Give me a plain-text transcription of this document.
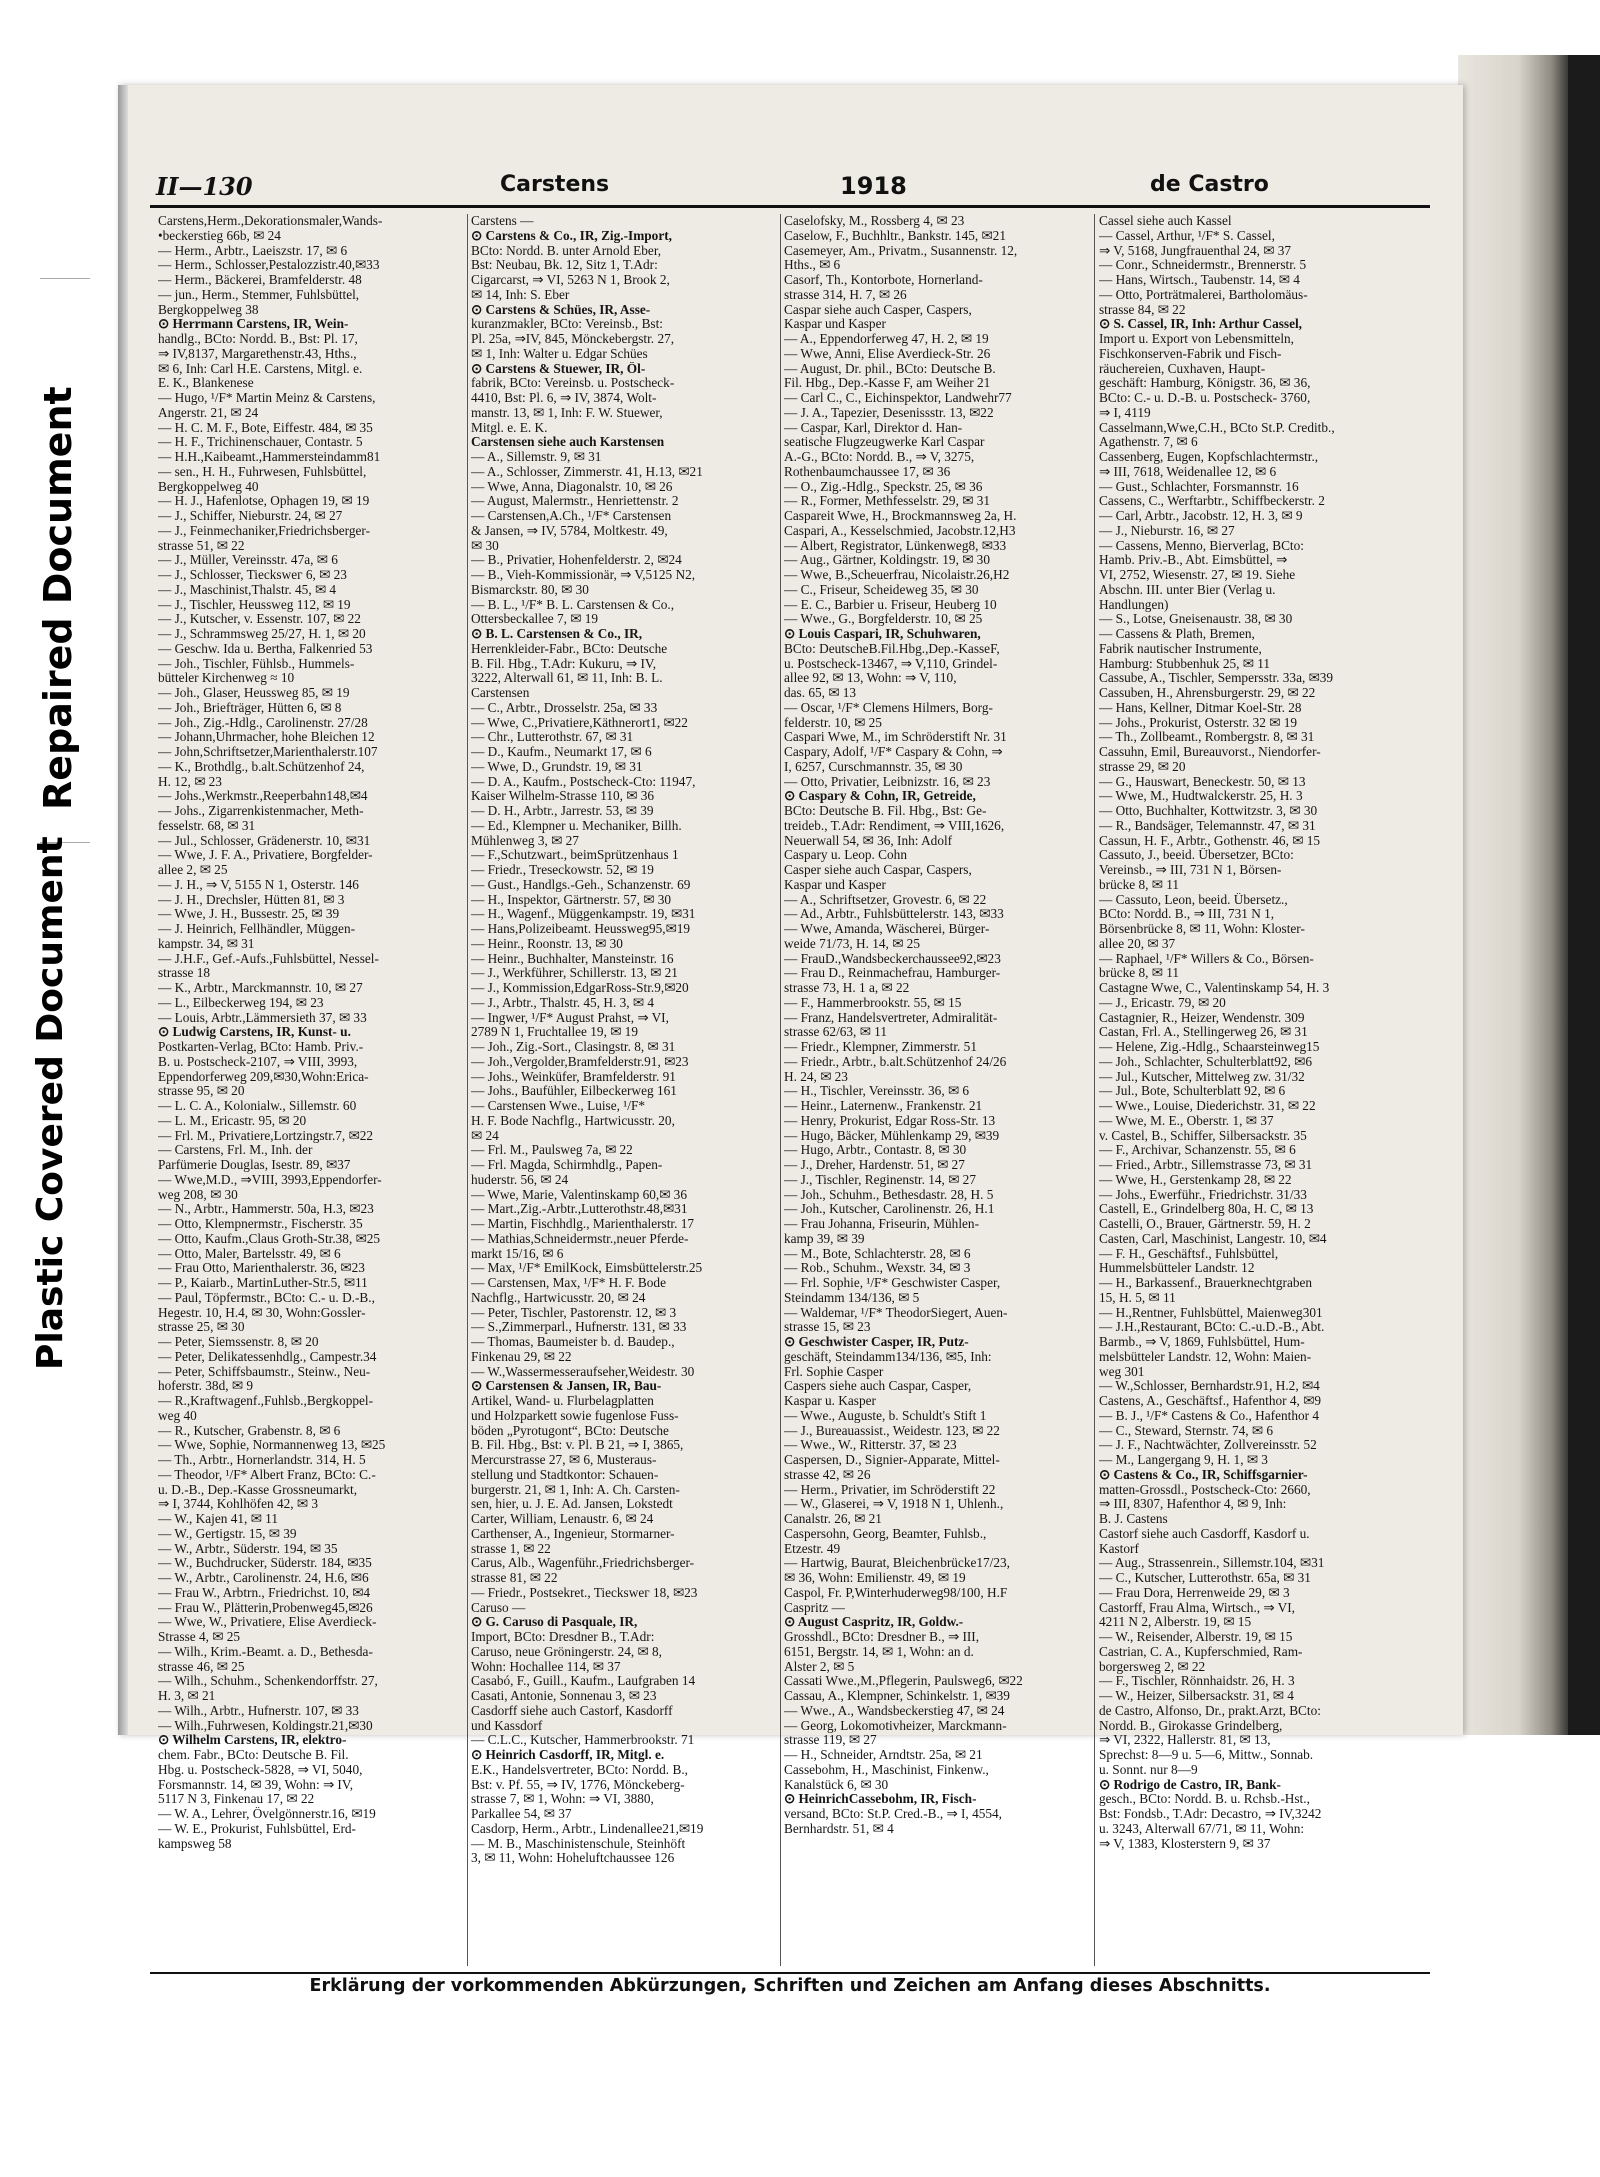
Repaired Document
Plastic Covered Document
II—130	Carstens	1918	de Castro
Carstens,Herm.,Dekorationsmaler,Wands-
•beckerstieg 66b, ✉ 24
— Herm., Arbtr., Laeiszstr. 17, ✉ 6
— Herm., Schlosser,Pestalozzistr.40,✉33
— Herm., Bäckerei, Bramfelderstr. 48
— jun., Herm., Stemmer, Fuhlsbüttel,
Bergkoppelweg 38
⊙ Herrmann Carstens, IR, Wein-
handlg., BCto: Nordd. B., Bst: Pl. 17,
⇒ IV,8137, Margarethenstr.43, Hths.,
✉ 6, Inh: Carl H.E. Carstens, Mitgl. e.
E. K., Blankenese
— Hugo, ¹/F* Martin Meinz & Carstens,
Angerstr. 21, ✉ 24
— H. C. M. F., Bote, Eiffestr. 484, ✉ 35
— H. F., Trichinenschauer, Contastr. 5
— H.H.,Kaibeamt.,Hammersteindamm81
— sen., H. H., Fuhrwesen, Fuhlsbüttel,
Bergkoppelweg 40
— H. J., Hafenlotse, Ophagen 19, ✉ 19
— J., Schiffer, Nieburstr. 24, ✉ 27
— J., Feinmechaniker,Friedrichsberger-
strasse 51, ✉ 22
— J., Müller, Vereinsstr. 47a, ✉ 6
— J., Schlosser, Tieckswег 6, ✉ 23
— J., Maschinist,Thalstr. 45, ✉ 4
— J., Tischler, Heussweg 112, ✉ 19
— J., Kutscher, v. Essenstr. 107, ✉ 22
— J., Schrammsweg 25/27, H. 1, ✉ 20
— Geschw. Ida u. Bertha, Falkenried 53
— Joh., Tischler, Fühlsb., Hummels-
bütteler Kirchenweg ≈ 10
— Joh., Glaser, Heussweg 85, ✉ 19
— Joh., Briefträger, Hütten 6, ✉ 8
— Joh., Zig.-Hdlg., Carolinenstr. 27/28
— Johann,Uhrmacher, hohe Bleichen 12
— John,Schriftsetzer,Marienthalerstr.107
— K., Brothdlg., b.alt.Schützenhof 24,
H. 12, ✉ 23
— Johs.,Werkmstr.,Reeperbahn148,✉4
— Johs., Zigarrenkistenmacher, Meth-
fesselstr. 68, ✉ 31
— Jul., Schlosser, Grädenerstr. 10, ✉31
— Wwe, J. F. A., Privatiere, Borgfelder-
allee 2, ✉ 25
— J. H., ⇒ V, 5155 N 1, Osterstr. 146
— J. H., Drechsler, Hütten 81, ✉ 3
— Wwe, J. H., Bussestr. 25, ✉ 39
— J. Heinrich, Fellhändler, Müggen-
kampstr. 34, ✉ 31
— J.H.F., Gef.-Aufs.,Fuhlsbüttel, Nessel-
strasse 18
— K., Arbtr., Marckmannstr. 10, ✉ 27
— L., Eilbeckerweg 194, ✉ 23
— Louis, Arbtr.,Lämmersieth 37, ✉ 33
⊙ Ludwig Carstens, IR, Kunst- u.
Postkarten-Verlag, BCto: Hamb. Priv.-
B. u. Postscheck-2107, ⇒ VIII, 3993,
Eppendorferweg 209,✉30,Wohn:Erica-
strasse 95, ✉ 20
— L. C. A., Kolonialw., Sillemstr. 60
— L. M., Ericastr. 95, ✉ 20
— Frl. M., Privatiere,Lortzingstr.7, ✉22
— Carstens, Frl. M., Inh. der
Parfümerie Douglas, Isestr. 89, ✉37
— Wwe,M.D., ⇒VIII, 3993,Eppendorfer-
weg 208, ✉ 30
— N., Arbtr., Hammerstr. 50a, H.3, ✉23
— Otto, Klempnermstr., Fischerstr. 35
— Otto, Kaufm.,Claus Groth-Str.38, ✉25
— Otto, Maler, Bartelsstr. 49, ✉ 6
— Frau Otto, Marienthalerstr. 36, ✉23
— P., Kaiarb., MartinLuther-Str.5, ✉11
— Paul, Töpfermstr., BCto: C.- u. D.-B.,
Hegestr. 10, H.4, ✉ 30, Wohn:Gossler-
strasse 25, ✉ 30
— Peter, Siemssenstr. 8, ✉ 20
— Peter, Delikatessenhdlg., Campestr.34
— Peter, Schiffsbaumstr., Steinw., Neu-
hoferstr. 38d, ✉ 9
— R.,Kraftwagenf.,Fuhlsb.,Bergkoppel-
weg 40
— R., Kutscher, Grabenstr. 8, ✉ 6
— Wwe, Sophie, Normannenweg 13, ✉25
— Th., Arbtr., Hornerlandstr. 314, H. 5
— Theodor, ¹/F* Albert Franz, BCto: C.-
u. D.-B., Dep.-Kasse Grossneumarkt,
⇒ I, 3744, Kohlhöfen 42, ✉ 3
— W., Kajen 41, ✉ 11
— W., Gertigstr. 15, ✉ 39
— W., Arbtr., Süderstr. 194, ✉ 35
— W., Buchdrucker, Süderstr. 184, ✉35
— W., Arbtr., Carolinenstr. 24, H.6, ✉6
— Frau W., Arbtrn., Friedrichst. 10, ✉4
— Frau W., Plätterin,Probenweg45,✉26
— Wwe, W., Privatiere, Elise Averdieck-
Strasse 4, ✉ 25
— Wilh., Krim.-Beamt. a. D., Bethesda-
strasse 46, ✉ 25
— Wilh., Schuhm., Schenkendorffstr. 27,
H. 3, ✉ 21
— Wilh., Arbtr., Hufnerstr. 107, ✉ 33
— Wilh.,Fuhrwesen, Koldingstr.21,✉30
⊙ Wilhelm Carstens, IR, elektro-
chem. Fabr., BCto: Deutsche B. Fil.
Hbg. u. Postscheck-5828, ⇒ VI, 5040,
Forsmannstr. 14, ✉ 39, Wohn: ⇒ IV,
5117 N 3, Finkenau 17, ✉ 22
— W. A., Lehrer, Övelgönnerstr.16, ✉19
— W. E., Prokurist, Fuhlsbüttel, Erd-
kampsweg 58
Carstens —
⊙ Carstens & Co., IR, Zig.-Import,
BCto: Nordd. B. unter Arnold Eber,
Bst: Neubau, Bk. 12, Sitz 1, T.Adr:
Cigarcarst, ⇒ VI, 5263 N 1, Brook 2,
✉ 14, Inh: S. Eber
⊙ Carstens & Schües, IR, Asse-
kuranzmakler, BCto: Vereinsb., Bst:
Pl. 25a, ⇒IV, 845, Mönckebergstr. 27,
✉ 1, Inh: Walter u. Edgar Schües
⊙ Carstens & Stuewer, IR, Öl-
fabrik, BCto: Vereinsb. u. Postscheck-
4410, Bst: Pl. 6, ⇒ IV, 3874, Wolt-
manstr. 13, ✉ 1, Inh: F. W. Stuewer,
Mitgl. e. E. K.
Carstensen siehe auch Karstensen
— A., Sillemstr. 9, ✉ 31
— A., Schlosser, Zimmerstr. 41, H.13, ✉21
— Wwe, Anna, Diagonalstr. 10, ✉ 26
— August, Malermstr., Henriettenstr. 2
— Carstensen,A.Ch., ¹/F* Carstensen
& Jansen, ⇒ IV, 5784, Moltkestr. 49,
✉ 30
— B., Privatier, Hohenfelderstr. 2, ✉24
— B., Vieh-Kommissionär, ⇒ V,5125 N2,
Bismarckstr. 80, ✉ 30
— B. L., ¹/F* B. L. Carstensen & Co.,
Ottersbeckallee 7, ✉ 19
⊙ B. L. Carstensen & Co., IR,
Herrenkleider-Fabr., BCto: Deutsche
B. Fil. Hbg., T.Adr: Kukuru, ⇒ IV,
3222, Alterwall 61, ✉ 11, Inh: B. L.
Carstensen
— C., Arbtr., Drosselstr. 25a, ✉ 33
— Wwe, C.,Privatiere,Käthnerort1, ✉22
— Chr., Lutterothstr. 67, ✉ 31
— D., Kaufm., Neumarkt 17, ✉ 6
— Wwe, D., Grundstr. 19, ✉ 31
— D. A., Kaufm., Postscheck-Cto: 11947,
Kaiser Wilhelm-Strasse 110, ✉ 36
— D. H., Arbtr., Jarrestr. 53, ✉ 39
— Ed., Klempner u. Mechaniker, Billh.
Mühlenweg 3, ✉ 27
— F.,Schutzwart., beimSprützenhaus 1
— Friedr., Treseckowstr. 52, ✉ 19
— Gust., Handlgs.-Geh., Schanzenstr. 69
— H., Inspektor, Gärtnerstr. 57, ✉ 30
— H., Wagenf., Müggenkampstr. 19, ✉31
— Hans,Polizeibeamt. Heussweg95,✉19
— Heinr., Roonstr. 13, ✉ 30
— Heinr., Buchhalter, Mansteinstr. 16
— J., Werkführer, Schillerstr. 13, ✉ 21
— J., Kommission,EdgarRoss-Str.9,✉20
— J., Arbtr., Thalstr. 45, H. 3, ✉ 4
— Ingwer, ¹/F* August Prahst, ⇒ VI,
2789 N 1, Fruchtallee 19, ✉ 19
— Joh., Zig.-Sort., Clasingstr. 8, ✉ 31
— Joh.,Vergolder,Bramfelderstr.91, ✉23
— Johs., Weinküfer, Bramfelderstr. 91
— Johs., Baufühler, Eilbeckerweg 161
— Carstensen Wwe., Luise, ¹/F*
H. F. Bode Nachflg., Hartwicusstr. 20,
✉ 24
— Frl. M., Paulsweg 7a, ✉ 22
— Frl. Magda, Schirmhdlg., Papen-
huderstr. 56, ✉ 24
— Wwe, Marie, Valentinskamp 60,✉ 36
— Mart.,Zig.-Arbtr.,Lutterothstr.48,✉31
— Martin, Fischhdlg., Marienthalerstr. 17
— Mathias,Schneidermstr.,neuer Pferde-
markt 15/16, ✉ 6
— Max, ¹/F* EmilKock, Eimsbüttelerstr.25
— Carstensen, Max, ¹/F* H. F. Bode
Nachflg., Hartwicusstr. 20, ✉ 24
— Peter, Tischler, Pastorenstr. 12, ✉ 3
— S.,Zimmerparl., Hufnerstr. 131, ✉ 33
— Thomas, Baumeister b. d. Baudep.,
Finkenau 29, ✉ 22
— W.,Wassermesseraufseher,Weidestr. 30
⊙ Carstensen & Jansen, IR, Bau-
Artikel, Wand- u. Flurbelagplatten
und Holzparkett sowie fugenlose Fuss-
böden „Pyrotugont“, BCto: Deutsche
B. Fil. Hbg., Bst: v. Pl. B 21, ⇒ I, 3865,
Mercurstrasse 27, ✉ 6, Musteraus-
stellung und Stadtkontor: Schauen-
burgerstr. 21, ✉ 1, Inh: A. Ch. Carsten-
sen, hier, u. J. E. Ad. Jansen, Lokstedt
Carter, William, Lenaustr. 6, ✉ 24
Carthenser, A., Ingenieur, Stormarner-
strasse 1, ✉ 22
Carus, Alb., Wagenführ.,Friedrichsberger-
strasse 81, ✉ 22
— Friedr., Postsekret., Tieckswег 18, ✉23
Caruso —
⊙ G. Caruso di Pasquale, IR,
Import, BCto: Dresdner B., T.Adr:
Caruso, neue Gröningerstr. 24, ✉ 8,
Wohn: Hochallee 114, ✉ 37
Casabó, F., Guill., Kaufm., Laufgraben 14
Casati, Antonie, Sonnenau 3, ✉ 23
Casdorff siehe auch Castorf, Kasdorff
und Kassdorf
— C.L.C., Kutscher, Hammerbrookstr. 71
⊙ Heinrich Casdorff, IR, Mitgl. e.
E.K., Handelsvertreter, BCto: Nordd. B.,
Bst: v. Pf. 55, ⇒ IV, 1776, Mönckeberg-
strasse 7, ✉ 1, Wohn: ⇒ VI, 3880,
Parkallee 54, ✉ 37
Casdorp, Herm., Arbtr., Lindenallee21,✉19
— M. B., Maschinistenschule, Steinhöft
3, ✉ 11, Wohn: Hoheluftchaussee 126
Caselofsky, M., Rossberg 4, ✉ 23
Caselow, F., Buchhltr., Bankstr. 145, ✉21
Casemeyer, Am., Privatm., Susannenstr. 12,
Hths., ✉ 6
Casorf, Th., Kontorbote, Hornerland-
strasse 314, H. 7, ✉ 26
Caspar siehe auch Casper, Caspers,
Kaspar und Kasper
— A., Eppendorferweg 47, H. 2, ✉ 19
— Wwe, Anni, Elise Averdieck-Str. 26
— August, Dr. phil., BCto: Deutsche B.
Fil. Hbg., Dep.-Kasse F, am Weiher 21
— Carl C., C., Eichinspektor, Landwehr77
— J. A., Tapezier, Desenissstr. 13, ✉22
— Caspar, Karl, Direktor d. Han-
seatische Flugzeugwerke Karl Caspar
A.-G., BCto: Nordd. B., ⇒ V, 3275,
Rothenbaumchaussee 17, ✉ 36
— O., Zig.-Hdlg., Speckstr. 25, ✉ 36
— R., Former, Methfesselstr. 29, ✉ 31
Caspareit Wwe, H., Brockmannsweg 2a, H.
Caspari, A., Kesselschmied, Jacobstr.12,H3
— Albert, Registrator, Lünkenweg8, ✉33
— Aug., Gärtner, Koldingstr. 19, ✉ 30
— Wwe, B.,Scheuerfrau, Nicolaistr.26,H2
— C., Friseur, Scheideweg 35, ✉ 30
— E. C., Barbier u. Friseur, Heuberg 10
— Wwe., G., Borgfelderstr. 10, ✉ 25
⊙ Louis Caspari, IR, Schuhwaren,
BCto: DeutscheB.Fil.Hbg.,Dep.-KasseF,
u. Postscheck-13467, ⇒ V,110, Grindel-
allee 92, ✉ 13, Wohn: ⇒ V, 110,
das. 65, ✉ 13
— Oscar, ¹/F* Clemens Hilmers, Borg-
felderstr. 10, ✉ 25
Caspari Wwe, M., im Schröderstift Nr. 31
Caspary, Adolf, ¹/F* Caspary & Cohn, ⇒
I, 6257, Curschmannstr. 35, ✉ 30
— Otto, Privatier, Leibnizstr. 16, ✉ 23
⊙ Caspary & Cohn, IR, Getreide,
BCto: Deutsche B. Fil. Hbg., Bst: Ge-
treideb., T.Adr: Rendiment, ⇒ VIII,1626,
Neuerwall 54, ✉ 36, Inh: Adolf
Caspary u. Leop. Cohn
Casper siehe auch Caspar, Caspers,
Kaspar und Kasper
— A., Schriftsetzer, Grovestr. 6, ✉ 22
— Ad., Arbtr., Fuhlsbüttelerstr. 143, ✉33
— Wwe, Amanda, Wäscherei, Bürger-
weide 71/73, H. 14, ✉ 25
— FrauD.,Wandsbeckerchaussee92,✉23
— Frau D., Reinmachefrau, Hamburger-
strasse 73, H. 1 a, ✉ 22
— F., Hammerbrookstr. 55, ✉ 15
— Franz, Handelsvertreter, Admiralität-
strasse 62/63, ✉ 11
— Friedr., Klempner, Zimmerstr. 51
— Friedr., Arbtr., b.alt.Schützenhof 24/26
H. 24, ✉ 23
— H., Tischler, Vereinsstr. 36, ✉ 6
— Heinr., Laternenw., Frankenstr. 21
— Henry, Prokurist, Edgar Ross-Str. 13
— Hugo, Bäcker, Mühlenkamp 29, ✉39
— Hugo, Arbtr., Contastr. 8, ✉ 30
— J., Dreher, Hardenstr. 51, ✉ 27
— J., Tischler, Reginenstr. 14, ✉ 27
— Joh., Schuhm., Bethesdastr. 28, H. 5
— Joh., Kutscher, Carolinenstr. 26, H.1
— Frau Johanna, Friseurin, Mühlen-
kamp 39, ✉ 39
— M., Bote, Schlachterstr. 28, ✉ 6
— Rob., Schuhm., Wexstr. 34, ✉ 3
— Frl. Sophie, ¹/F* Geschwister Casper,
Steindamm 134/136, ✉ 5
— Waldemar, ¹/F* TheodorSiegert, Auen-
strasse 15, ✉ 23
⊙ Geschwister Casper, IR, Putz-
geschäft, Steindamm134/136, ✉5, Inh:
Frl. Sophie Casper
Caspers siehe auch Caspar, Casper,
Kaspar u. Kasper
— Wwe., Auguste, b. Schuldt's Stift 1
— J., Bureauassist., Weidestr. 123, ✉ 22
— Wwe., W., Ritterstr. 37, ✉ 23
Caspersen, D., Signier-Apparate, Mittel-
strasse 42, ✉ 26
— Herm., Privatier, im Schröderstift 22
— W., Glaserei, ⇒ V, 1918 N 1, Uhlenh.,
Canalstr. 26, ✉ 21
Caspersohn, Georg, Beamter, Fuhlsb.,
Etzestr. 49
— Hartwig, Baurat, Bleichenbrücke17/23,
✉ 36, Wohn: Emilienstr. 49, ✉ 19
Caspol, Fr. P,Winterhuderweg98/100, H.F
Caspritz —
⊙ August Caspritz, IR, Goldw.-
Grosshdl., BCto: Dresdner B., ⇒ III,
6151, Bergstr. 14, ✉ 1, Wohn: an d.
Alster 2, ✉ 5
Cassati Wwe.,M.,Pflegerin, Paulsweg6, ✉22
Cassau, A., Klempner, Schinkelstr. 1, ✉39
— Wwe., A., Wandsbeckerstieg 47, ✉ 24
— Georg, Lokomotivheizer, Marckmann-
strasse 119, ✉ 27
— H., Schneider, Arndtstr. 25a, ✉ 21
Cassebohm, H., Maschinist, Finkenw.,
Kanalstück 6, ✉ 30
⊙ HeinrichCassebohm, IR, Fisch-
versand, BCto: St.P. Cred.-B., ⇒ I, 4554,
Bernhardstr. 51, ✉ 4
Cassel siehe auch Kassel
— Cassel, Arthur, ¹/F* S. Cassel,
⇒ V, 5168, Jungfrauenthal 24, ✉ 37
— Conr., Schneidermstr., Brennerstr. 5
— Hans, Wirtsch., Taubenstr. 14, ✉ 4
— Otto, Porträtmalerei, Bartholomäus-
strasse 84, ✉ 22
⊙ S. Cassel, IR, Inh: Arthur Cassel,
Import u. Export von Lebensmitteln,
Fischkonserven-Fabrik und Fisch-
räuchereien, Cuxhaven, Haupt-
geschäft: Hamburg, Königstr. 36, ✉ 36,
BCto: C.- u. D.-B. u. Postscheck- 3760,
⇒ I, 4119
Casselmann,Wwe,C.H., BCto St.P. Creditb.,
Agathenstr. 7, ✉ 6
Cassenberg, Eugen, Kopfschlachtermstr.,
⇒ III, 7618, Weidenallee 12, ✉ 6
— Gust., Schlachter, Forsmannstr. 16
Cassens, C., Werftarbtr., Schiffbeckerstr. 2
— Carl, Arbtr., Jacobstr. 12, H. 3, ✉ 9
— J., Nieburstr. 16, ✉ 27
— Cassens, Menno, Bierverlag, BCto:
Hamb. Priv.-B., Abt. Eimsbüttel, ⇒
VI, 2752, Wiesenstr. 27, ✉ 19. Siehe
Abschn. III. unter Bier (Verlag u.
Handlungen)
— S., Lotse, Gneisenaustr. 38, ✉ 30
— Cassens & Plath, Bremen,
Fabrik nautischer Instrumente,
Hamburg: Stubbenhuk 25, ✉ 11
Cassube, A., Tischler, Sempersstr. 33a, ✉39
Cassuben, H., Ahrensburgerstr. 29, ✉ 22
— Hans, Kellner, Ditmar Koel-Str. 28
— Johs., Prokurist, Osterstr. 32 ✉ 19
— Th., Zollbeamt., Rombergstr. 8, ✉ 31
Cassuhn, Emil, Bureauvorst., Niendorfer-
strasse 29, ✉ 20
— G., Hauswart, Beneckestr. 50, ✉ 13
— Wwe, M., Hudtwalckerstr. 25, H. 3
— Otto, Buchhalter, Kottwitzstr. 3, ✉ 30
— R., Bandsäger, Telemannstr. 47, ✉ 31
Cassun, H. F., Arbtr., Gothenstr. 46, ✉ 15
Cassuto, J., beeid. Übersetzer, BCto:
Vereinsb., ⇒ III, 731 N 1, Börsen-
brücke 8, ✉ 11
— Cassuto, Leon, beeid. Übersetz.,
BCto: Nordd. B., ⇒ III, 731 N 1,
Börsenbrücke 8, ✉ 11, Wohn: Kloster-
allee 20, ✉ 37
— Raphael, ¹/F* Willers & Co., Börsen-
brücke 8, ✉ 11
Castagne Wwe, C., Valentinskamp 54, H. 3
— J., Ericastr. 79, ✉ 20
Castagnier, R., Heizer, Wendenstr. 309
Castan, Frl. A., Stellingerweg 26, ✉ 31
— Helene, Zig.-Hdlg., Schaarsteinweg15
— Joh., Schlachter, Schulterblatt92, ✉6
— Jul., Kutscher, Mittelweg zw. 31/32
— Jul., Bote, Schulterblatt 92, ✉ 6
— Wwe., Louise, Diederichstr. 31, ✉ 22
— Wwe, M. E., Oberstr. 1, ✉ 37
v. Castel, B., Schiffer, Silbersackstr. 35
— F., Archivar, Schanzenstr. 55, ✉ 6
— Fried., Arbtr., Sillemstrasse 73, ✉ 31
— Wwe, H., Gerstenkamp 28, ✉ 22
— Johs., Ewerführ., Friedrichstr. 31/33
Castell, E., Grindelberg 80a, H. C, ✉ 13
Castelli, O., Brauer, Gärtnerstr. 59, H. 2
Casten, Carl, Maschinist, Langestr. 10, ✉4
— F. H., Geschäftsf., Fuhlsbüttel,
Hummelsbütteler Landstr. 12
— H., Barkassenf., Brauerknechtgraben
15, H. 5, ✉ 11
— H.,Rentner, Fuhlsbüttel, Maienweg301
— J.H.,Restaurant, BCto: C.-u.D.-B., Abt.
Barmb., ⇒ V, 1869, Fuhlsbüttel, Hum-
melsbütteler Landstr. 12, Wohn: Maien-
weg 301
— W.,Schlosser, Bernhardstr.91, H.2, ✉4
Castens, A., Geschäftsf., Hafenthor 4, ✉9
— B. J., ¹/F* Castens & Co., Hafenthor 4
— C., Steward, Sternstr. 74, ✉ 6
— J. F., Nachtwächter, Zollvereinsstr. 52
— M., Langergang 9, H. 1, ✉ 3
⊙ Castens & Co., IR, Schiffsgarnier-
matten-Grossdl., Postscheck-Cto: 2660,
⇒ III, 8307, Hafenthor 4, ✉ 9, Inh:
B. J. Castens
Castorf siehe auch Casdorff, Kasdorf u.
Kastorf
— Aug., Strassenrein., Sillemstr.104, ✉31
— C., Kutscher, Lutterothstr. 65a, ✉ 31
— Frau Dora, Herrenweide 29, ✉ 3
Castorff, Frau Alma, Wirtsch., ⇒ VI,
4211 N 2, Alberstr. 19, ✉ 15
— W., Reisender, Alberstr. 19, ✉ 15
Castrian, C. A., Kupferschmied, Ram-
borgersweg 2, ✉ 22
— F., Tischler, Rönnhaidstr. 26, H. 3
— W., Heizer, Silbersackstr. 31, ✉ 4
de Castro, Alfonso, Dr., prakt.Arzt, BCto:
Nordd. B., Girokasse Grindelberg,
⇒ VI, 2322, Hallerstr. 81, ✉ 13,
Sprechst: 8—9 u. 5—6, Mittw., Sonnab.
u. Sonnt. nur 8—9
⊙ Rodrigo de Castro, IR, Bank-
gesch., BCto: Nordd. B. u. Rchsb.-Hst.,
Bst: Fondsb., T.Adr: Decastro, ⇒ IV,3242
u. 3243, Alterwall 67/71, ✉ 11, Wohn:
⇒ V, 1383, Klosterstern 9, ✉ 37
Erklärung der vorkommenden Abkürzungen, Schriften und Zeichen am Anfang dieses Abschnitts.
